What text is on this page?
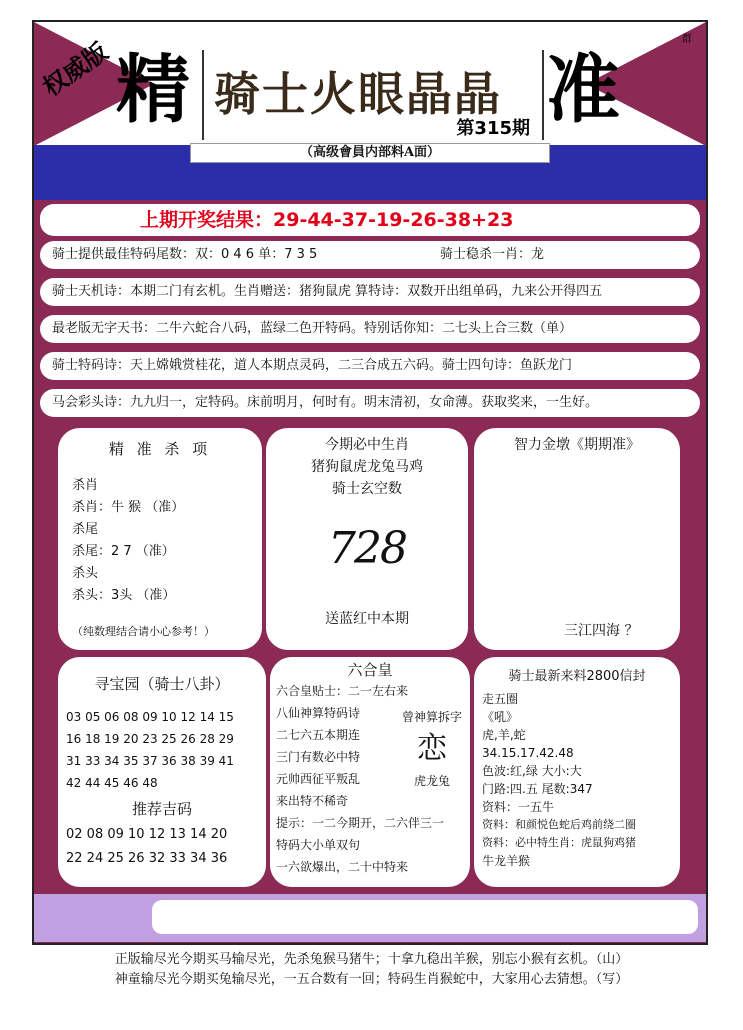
权威版 精 骑士火眼晶晶
第315期 准
群
（高级會員内部料A面）
上期开奖结果：29-44-37-19-26-38+23
骑士提供最佳特码尾数：双：0 4 6 单：7 3 5	骑士稳杀一肖：龙
骑士天机诗：本期二门有玄机。生肖赠送：猪狗鼠虎 算特诗：双数开出组单码，九来公开得四五
最老版无字天书：二牛六蛇合八码，蓝绿二色开特码。特别话你知：二七头上合三数（单）
骑士特码诗：天上嫦娥赏桂花，道人本期点灵码，二三合成五六码。骑士四句诗：鱼跃龙门
马会彩头诗：九九归一，定特码。床前明月，何时有。明末清初，女命薄。获取奖来，一生好。
精 准 杀 项
杀肖
杀肖：牛 猴 （准）
杀尾
杀尾：2 7 （准）
杀头
杀头：3头 （准）
（纯数理结合请小心参考！）
今期必中生肖
猪狗鼠虎龙兔马鸡
骑士玄空数
728
送蓝红中本期
智力金墩《期期准》
三江四海 ？
寻宝园（骑士八卦）
03 05 06 08 09 10 12 14 15
16 18 19 20 23 25 26 28 29
31 33 34 35 37 36 38 39 41
42 44 45 46 48
推荐吉码
02 08 09 10 12 13 14 20
22 24 25 26 32 33 34 36
六合皇
六合皇贴士：二一左右来
八仙神算特码诗
二七六五本期连
三门有数必中特
元帅西征平叛乱
来出特不稀奇
提示：一二今期开，二六伴三一
特码大小单双句
一六欲爆出，二十中特来
曾神算拆字
恋
虎龙兔
骑士最新来料2800信封
走五圈
《吼》
虎,羊,蛇
34.15.17.42.48
色波:红,绿 大小:大
门路:四.五 尾数:347
资料：一五牛
资料：和颜悦色蛇后鸡前绕二圈
资料：必中特生肖：虎鼠狗鸡猪
牛龙羊猴
正版输尽光今期买马输尽光，先杀兔猴马猪牛；十拿九稳出羊猴，别忘小猴有玄机。（山）
神童输尽光今期买兔输尽光，一五合数有一回；特码生肖猴蛇中，大家用心去猜想。（写）
